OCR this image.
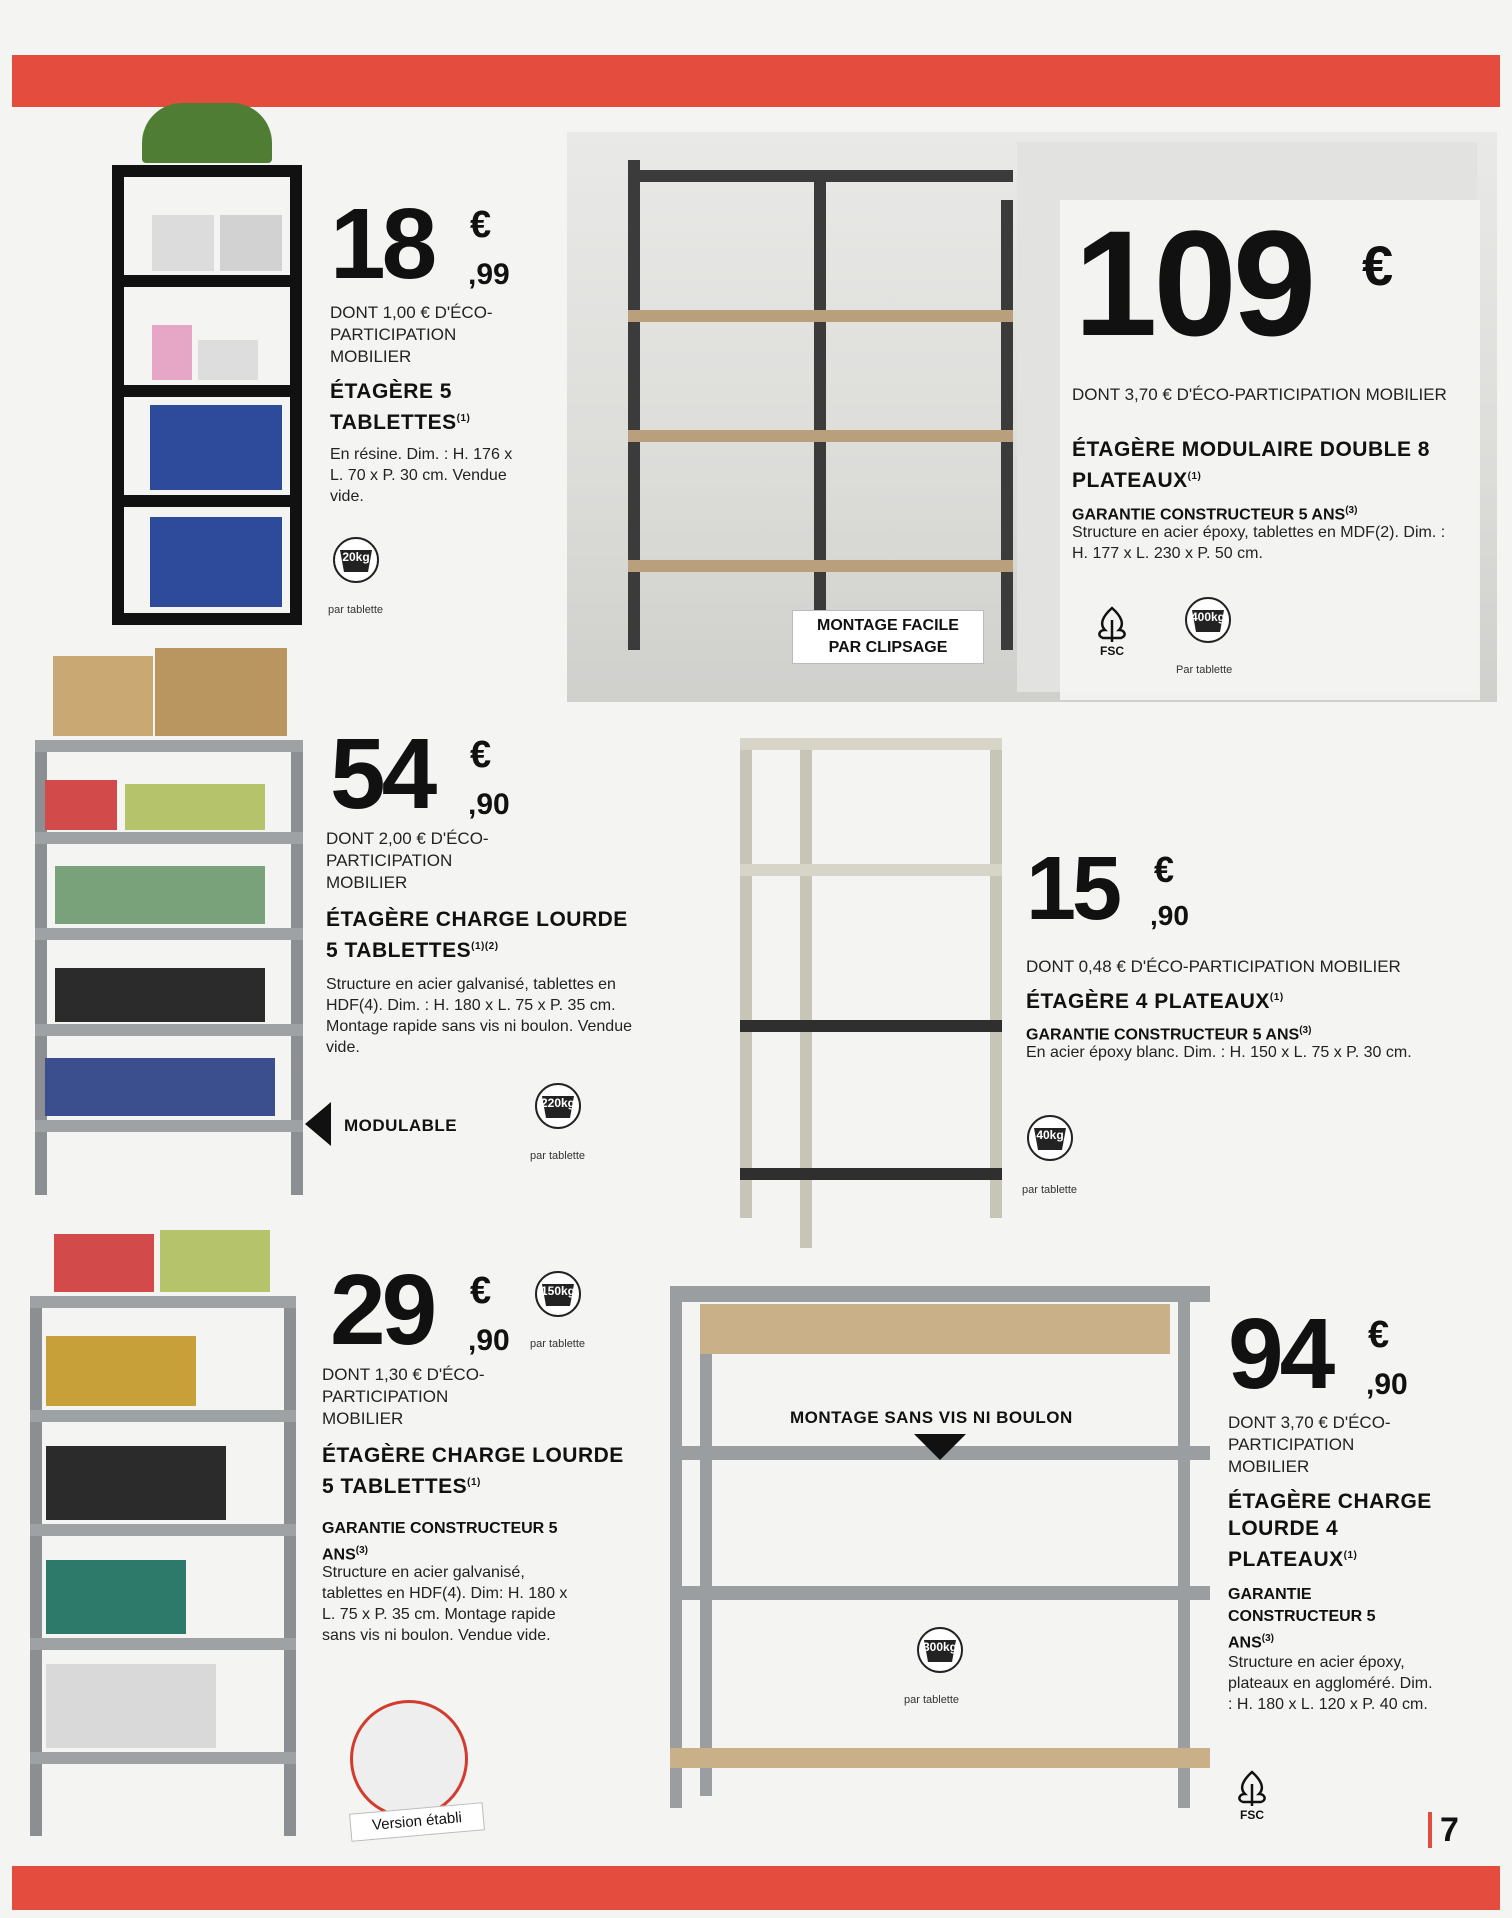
18 €
,99
DONT 1,00 € D'ÉCO-PARTICIPATION MOBILIER
ÉTAGÈRE 5 TABLETTES$^{(1)}$
En résine. Dim. : H. 176 x L. 70 x P. 30 cm. Vendue vide.
20kg
par tablette
MONTAGE FACILE PAR CLIPSAGE
109 €
DONT 3,70 € D'ÉCO-PARTICIPATION MOBILIER
ÉTAGÈRE MODULAIRE DOUBLE 8 PLATEAUX$^{(1)}$
GARANTIE CONSTRUCTEUR 5 ANS$^{(3)}$
Structure en acier époxy, tablettes en MDF(2). Dim. : H. 177 x L. 230 x P. 50 cm.
FSC
400kg
Par tablette
54 €
,90
DONT 2,00 € D'ÉCO-PARTICIPATION MOBILIER
ÉTAGÈRE CHARGE LOURDE 5 $TABLETTES^{(1)(2)}$
Structure en acier galvanisé, tablettes en HDF(4). Dim. : H. 180 x L. 75 x P. 35 cm. Montage rapide sans vis ni boulon. Vendue vide.
MODULABLE
220kg
par tablette
15 €
,90
DONT 0,48 € D'ÉCO-PARTICIPATION MOBILIER
ÉTAGÈRE 4 PLATEAUX$^{(1)}$
GARANTIE CONSTRUCTEUR 5 ANS$^{(3)}$
En acier époxy blanc. Dim. : H. 150 x L. 75 x P. 30 cm.
40kg
par tablette
29 €
,90
150kg
par tablette
DONT 1,30 € D'ÉCO-PARTICIPATION MOBILIER
ÉTAGÈRE CHARGE LOURDE 5 TABLETTES$^{(1)}$
GARANTIE CONSTRUCTEUR 5 ANS$^{(3)}$
Structure en acier galvanisé, tablettes en HDF(4). Dim: H. 180 x L. 75 x P. 35 cm. Montage rapide sans vis ni boulon. Vendue vide.
Version établi
MONTAGE SANS VIS NI BOULON
300kg
par tablette
94 €
,90
DONT 3,70 € D'ÉCO-PARTICIPATION MOBILIER
ÉTAGÈRE CHARGE LOURDE 4 PLATEAUX$^{(1)}$
GARANTIE CONSTRUCTEUR 5 ANS$^{(3)}$
Structure en acier époxy, plateaux en aggloméré. Dim. : H. 180 x L. 120 x P. 40 cm.
FSC	7
